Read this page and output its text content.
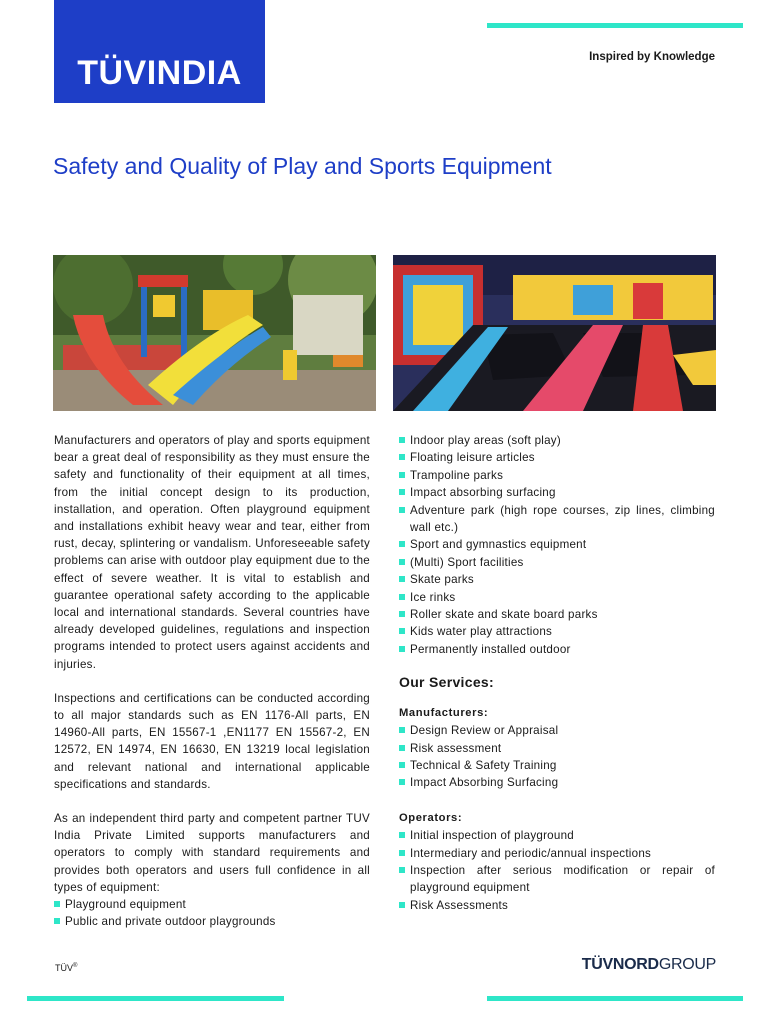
TÜVINDIA	Inspired by Knowledge
Safety and Quality of Play and Sports Equipment

Manufacturers and operators of play and sports equipment bear a great deal of responsibility as they must ensure the safety and functionality of their equipment at all times, from the initial concept design to its production, installation, and operation. Often playground equipment and installations exhibit heavy wear and tear, either from rust, decay, splintering or vandalism. Unforeseeable safety problems can arise with outdoor play equipment due to the effect of severe weather. It is vital to establish and guarantee operational safety according to the applicable local and international standards. Several countries have already developed guidelines, regulations and inspection programs intended to protect users against accidents and injuries.

Inspections and certifications can be conducted according to all major standards such as EN 1176-All parts, EN 14960-All parts, EN 15567-1 ,EN1177 EN 15567-2, EN 12572, EN 14974, EN 16630, EN 13219 local legislation and relevant national and international applicable specifications and standards.

As an independent third party and competent partner TUV India Private Limited supports manufacturers and operators to comply with standard requirements and provides both operators and users full confidence in all types of equipment:

Playground equipment
Public and private outdoor playgrounds
Indoor play areas (soft play)
Floating leisure articles
Trampoline parks
Impact absorbing surfacing
Adventure park (high rope courses, zip lines, climbing wall etc.)
Sport and gymnastics equipment
(Multi) Sport facilities
Skate parks
Ice rinks
Roller skate and skate board parks
Kids water play attractions
Permanently installed outdoor
Our Services:
Manufacturers:
Design Review or Appraisal
Risk assessment
Technical & Safety Training
Impact Absorbing Surfacing
Operators:
Initial inspection of playground
Intermediary and periodic/annual inspections
Inspection after serious modification or repair of playground equipment
Risk Assessments
TÜV®	TÜVNORDGROUP
